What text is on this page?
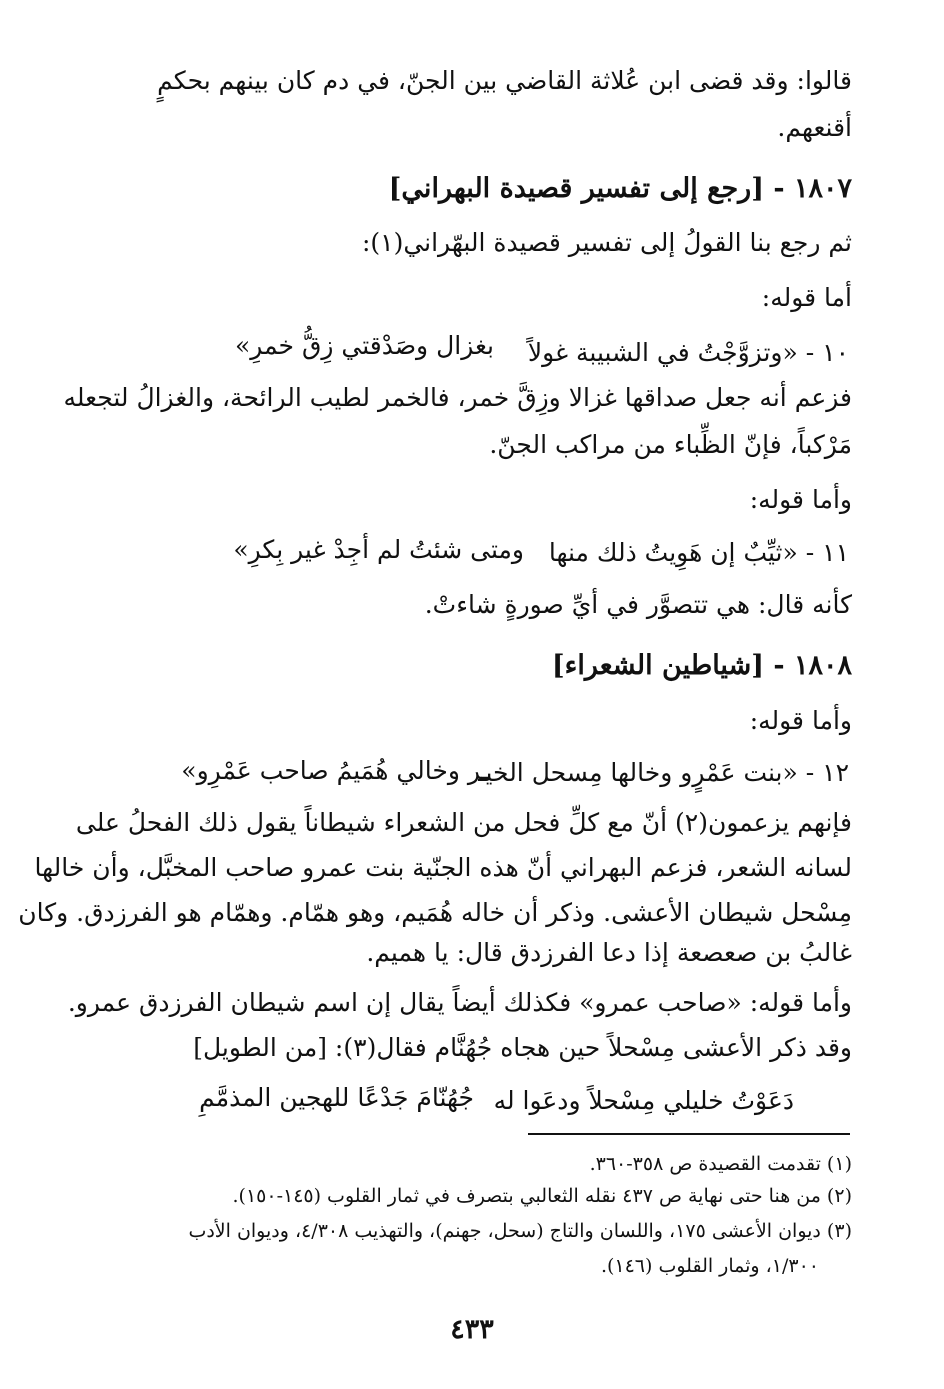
قالوا: وقد قضى ابن عُلاثة القاضي بين الجنّ، في دم كان بينهم بحكمٍ
أقنعهم.
١٨٠٧ - [رجع إلى تفسير قصيدة البهراني]
ثم رجع بنا القولُ إلى تفسير قصيدة البهّراني(١):
أما قوله:
١٠ - «وتزوَّجْتُ في الشبيبة غولاً
بغزال وصَدْقتي زِقُّ خمرِ»
فزعم أنه جعل صداقها غزالا وزِقَّ خمر، فالخمر لطيب الرائحة، والغزالُ لتجعله
مَرْكباً، فإنّ الظِّباء من مراكب الجنّ.
وأما قوله:
١١ - «ثيِّبٌ إن هَوِيتُ ذلك منها
ومتى شئتُ لم أجِدْ غير بِكرِ»
كأنه قال: هي تتصوَّر في أيِّ صورةٍ شاءتْ.
١٨٠٨ - [شياطين الشعراء]
وأما قوله:
١٢ - «بنت عَمْرٍو وخالها مِسحل الخيـ
ـر وخالي هُمَيمُ صاحب عَمْرِو»
فإنهم يزعمون(٢) أنّ مع كلِّ فحل من الشعراء شيطاناً يقول ذلك الفحلُ على
لسانه الشعر، فزعم البهراني أنّ هذه الجنّية بنت عمرو صاحب المخبَّل، وأن خالها
مِسْحل شيطان الأعشى. وذكر أن خاله هُمَيم، وهو همّام. وهمّام هو الفرزدق. وكان
غالبُ بن صعصعة إذا دعا الفرزدق قال: يا هميم.
وأما قوله: «صاحب عمرو» فكذلك أيضاً يقال إن اسم شيطان الفرزدق عمرو.
وقد ذكر الأعشى مِسْحلاً حين هجاه جُهُنَّام فقال(٣): [من الطويل]
دَعَوْتُ خليلي مِسْحلاً ودعَوا له
جُهُنّامَ جَدْعًا للهجين المذمَّمِ
(١) تقدمت القصيدة ص ٣٥٨-٣٦٠.
(٢) من هنا حتى نهاية ص ٤٣٧ نقله الثعالبي بتصرف في ثمار القلوب (١٤٥-١٥٠).
(٣) ديوان الأعشى ١٧٥، واللسان والتاج (سحل، جهنم)، والتهذيب ٤/٣٠٨، وديوان الأدب
١/٣٠٠، وثمار القلوب (١٤٦).
٤٣٣
